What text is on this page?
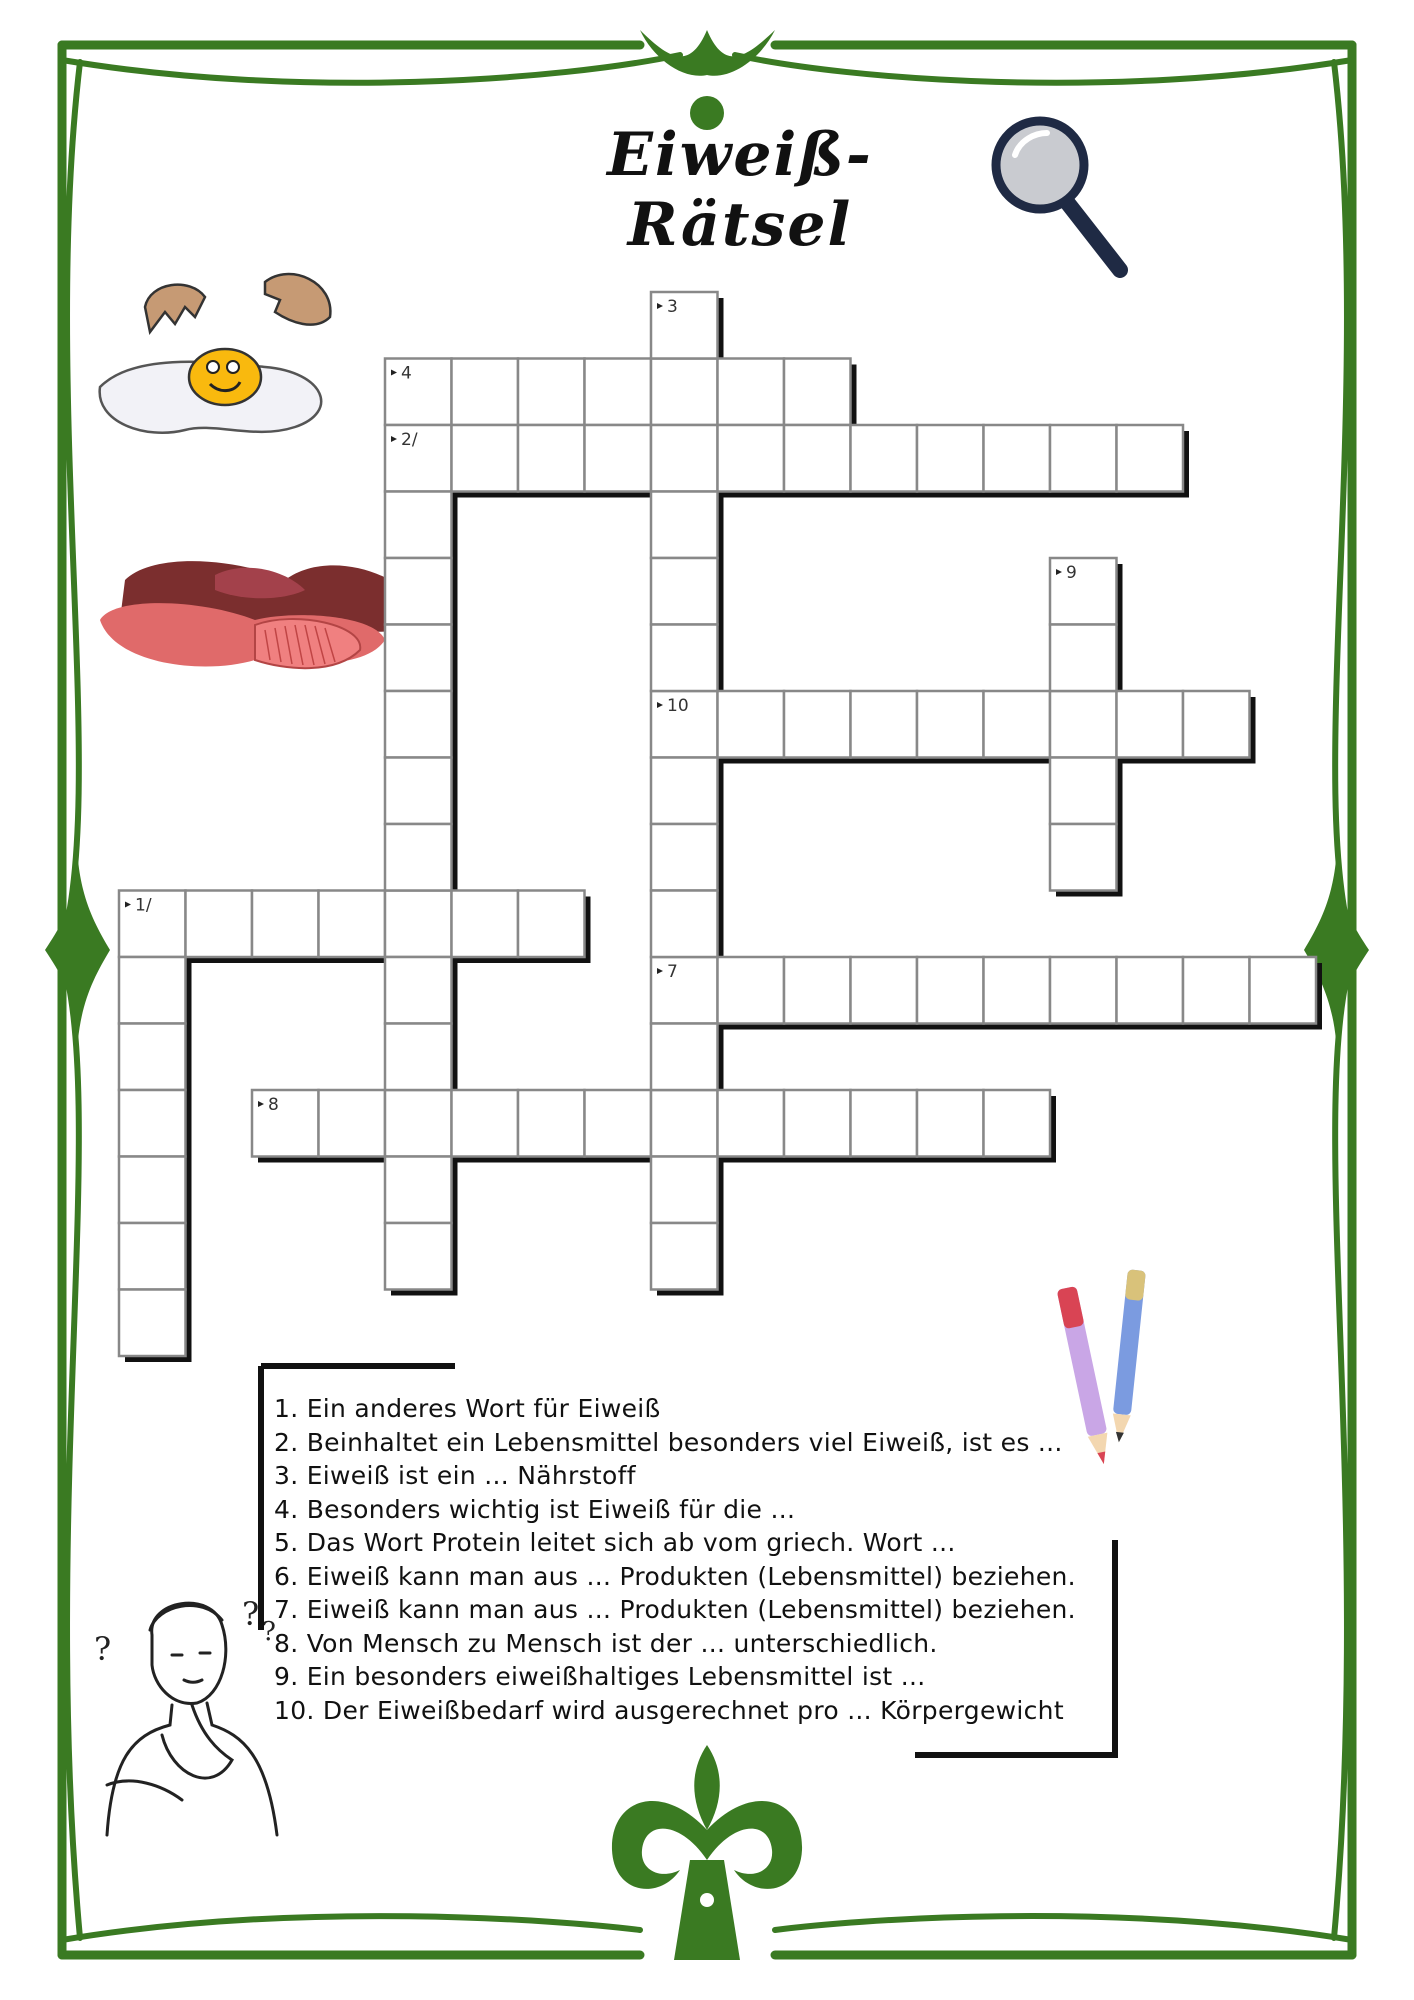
Eiweiß-Rätsel
?
? ?
3
4
2/
9
10
1/
7
8
1. Ein anderes Wort für Eiweiß
2. Beinhaltet ein Lebensmittel besonders viel Eiweiß, ist es ...
3. Eiweiß ist ein ... Nährstoff
4. Besonders wichtig ist Eiweiß für die ...
5. Das Wort Protein leitet sich ab vom griech. Wort ...
6. Eiweiß kann man aus ... Produkten (Lebensmittel) beziehen.
7. Eiweiß kann man aus ... Produkten (Lebensmittel) beziehen.
8. Von Mensch zu Mensch ist der ... unterschiedlich.
9. Ein besonders eiweißhaltiges Lebensmittel ist ...
10. Der Eiweißbedarf wird ausgerechnet pro ... Körpergewicht
